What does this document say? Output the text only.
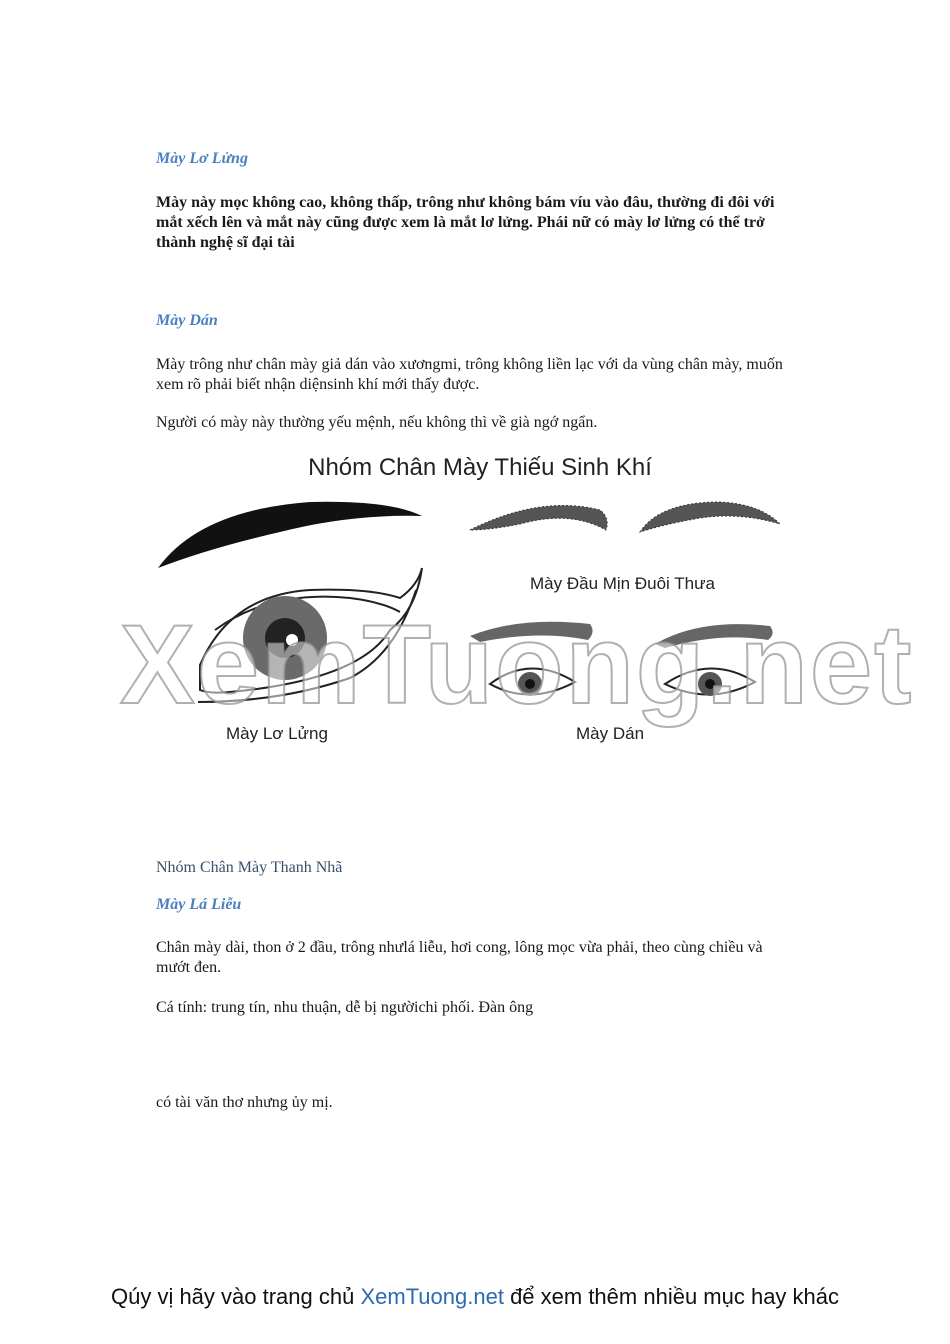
Mày Lơ Lửng
Mày này mọc không cao, không thấp, trông như không bám víu vào đâu, thường đi đôi với mắt xếch lên và mắt này cũng được xem là mắt lơ lửng. Phái nữ có mày lơ lửng có thể trở thành nghệ sĩ đại tài
Mày Dán
Mày trông như chân mày giả dán vào xươngmi, trông không liền lạc với da vùng chân mày, muốn xem rõ phải biết nhận diệnsinh khí mới thấy được.
Người có mày này thường yếu mệnh, nếu không thì về già ngớ ngẩn.
Nhóm Chân Mày Thiếu Sinh Khí
Mày Đầu Mịn Đuôi Thưa
Mày Lơ Lửng	Mày Dán
XemTuong.net
Nhóm Chân Mày Thanh Nhã
Mày Lá Liễu
Chân mày dài, thon ở 2 đầu, trông nhưlá liễu, hơi cong, lông mọc vừa phải, theo cùng chiều và mướt đen.
Cá tính: trung tín, nhu thuận, dễ bị ngườichi phối. Đàn ông
có tài văn thơ nhưng ủy mị.
Qúy vị hãy vào trang chủ XemTuong.net để xem thêm nhiều mục hay khác
